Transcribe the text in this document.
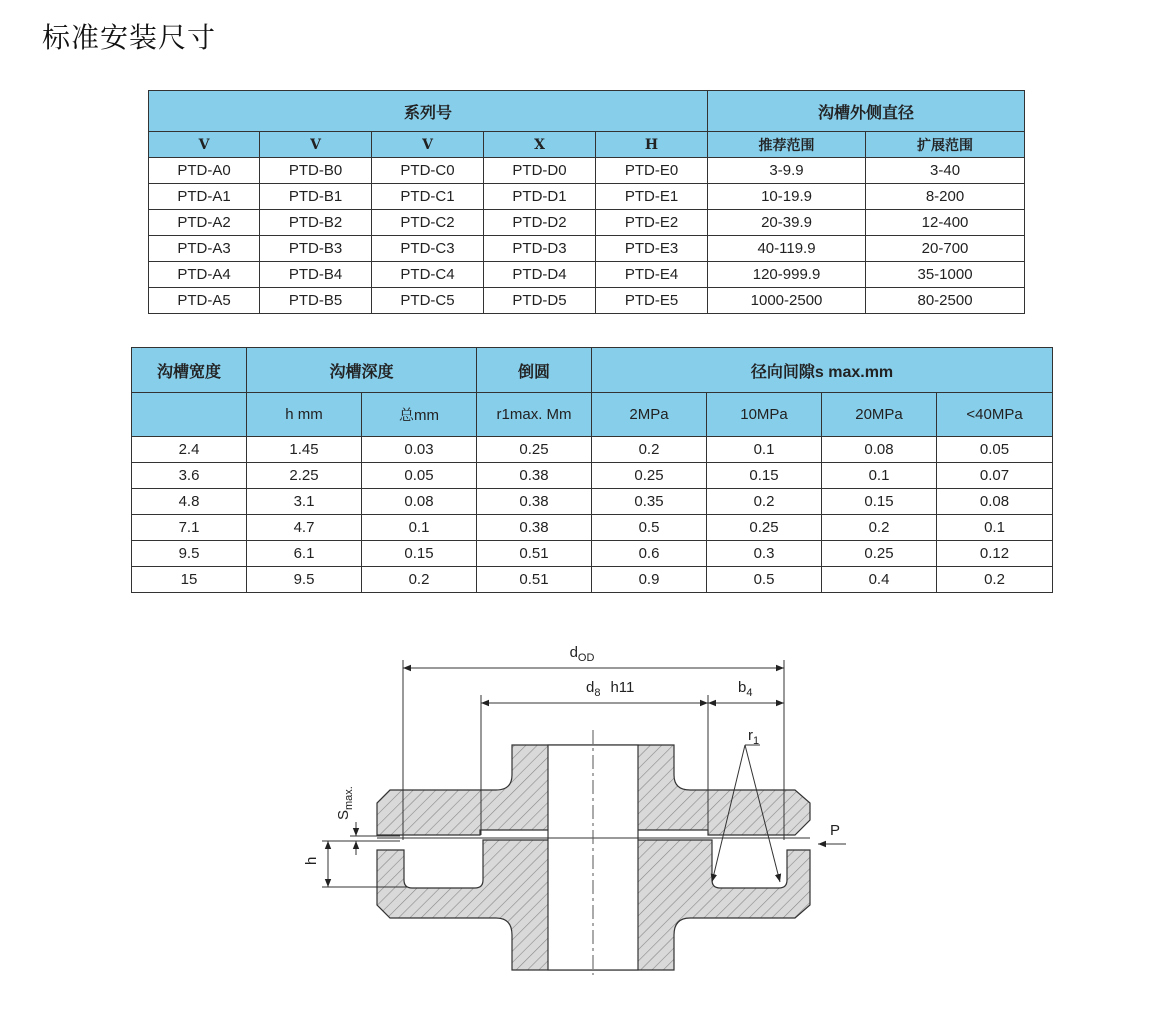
标准安装尺寸
系列号					沟槽外侧直径	
V	V	V	X	H	推荐范围	扩展范围
PTD-A0	PTD-B0	PTD-C0	PTD-D0	PTD-E0	3-9.9	3-40
PTD-A1	PTD-B1	PTD-C1	PTD-D1	PTD-E1	10-19.9	8-200
PTD-A2	PTD-B2	PTD-C2	PTD-D2	PTD-E2	20-39.9	12-400
PTD-A3	PTD-B3	PTD-C3	PTD-D3	PTD-E3	40-119.9	20-700
PTD-A4	PTD-B4	PTD-C4	PTD-D4	PTD-E4	120-999.9	35-1000
PTD-A5	PTD-B5	PTD-C5	PTD-D5	PTD-E5	1000-2500	80-2500
沟槽宽度	沟槽深度		倒圆	径向间隙s max.mm			
	h mm	总mm	r1max. Mm	2MPa	10MPa	20MPa	<40MPa
2.4	1.45	0.03	0.25	0.2	0.1	0.08	0.05
3.6	2.25	0.05	0.38	0.25	0.15	0.1	0.07
4.8	3.1	0.08	0.38	0.35	0.2	0.15	0.08
7.1	4.7	0.1	0.38	0.5	0.25	0.2	0.1
9.5	6.1	0.15	0.51	0.6	0.3	0.25	0.12
15	9.5	0.2	0.51	0.9	0.5	0.4	0.2
$d_{OD}$
$d_8$ h11	$b_4$
$r_1$
$S_{max.}$
h
P
